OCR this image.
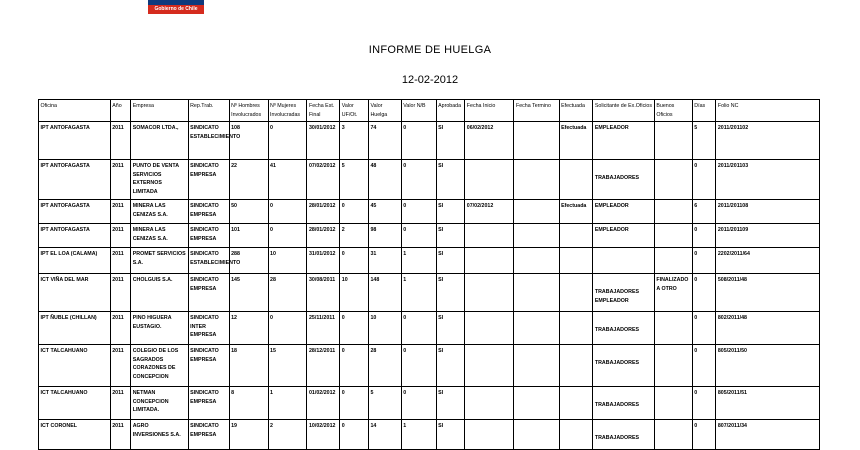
Gobierno de Chile
INFORME DE HUELGA
12-02-2012
Oficina	Año	Empresa	Rep.Trab.	Nº Hombres Involucrados	Nº Mujeres Involucradas	Fecha Est. Final	Valor UF/Ot.	Valor Huelga	Valor N/B	Aprobada	Fecha Inicio	Fecha Termino	Efectuada	Solicitante de Ex.Oficios	Buenos Oficios	Días	Folio NC
IPT ANTOFAGASTA	2011	SOMACOR LTDA.,	SINDICATO ESTABLECIMIENTO	108	0	30/01/2012	3	74	0	SI	06/02/2012		Efectuada	EMPLEADOR		5	2011/201102
IPT ANTOFAGASTA	2011	PUNTO DE VENTA SERVICIOS EXTERNOS LIMITADA	SINDICATO EMPRESA	22	41	07/02/2012	5	48	0	SI				TRABAJADORES		0	2011/201103
IPT ANTOFAGASTA	2011	MINERA LAS CENIZAS S.A.	SINDICATO EMPRESA	50	0	28/01/2012	0	45	0	SI	07/02/2012		Efectuada	EMPLEADOR		6	2011/201108
IPT ANTOFAGASTA	2011	MINERA LAS CENIZAS S.A.	SINDICATO EMPRESA	101	0	28/01/2012	2	98	0	SI				EMPLEADOR		0	2011/201109
IPT EL LOA (CALAMA)	2011	PROMET SERVICIOS S.A.	SINDICATO ESTABLECIMIENTO	288	10	31/01/2012	0	31	1	SI						0	2202/2011/64
ICT VIÑA DEL MAR	2011	CHOLGUIS S.A.	SINDICATO EMPRESA	145	28	30/08/2011	10	148	1	SI				TRABAJADORES EMPLEADOR	FINALIZADO A OTRO	0	508/2011/48
IPT ÑUBLE (CHILLAN)	2011	PINO HIGUERA EUSTAGIO.	SINDICATO INTER EMPRESA	12	0	25/11/2011	0	10	0	SI				TRABAJADORES		0	802/2011/48
ICT TALCAHUANO	2011	COLEGIO DE LOS SAGRADOS CORAZONES DE CONCEPCION	SINDICATO EMPRESA	18	15	28/12/2011	0	28	0	SI				TRABAJADORES		0	805/2011/50
ICT TALCAHUANO	2011	NETMAN CONCEPCION LIMITADA.	SINDICATO EMPRESA	8	1	01/02/2012	0	5	0	SI				TRABAJADORES		0	805/2011/51
ICT CORONEL	2011	AGRO INVERSIONES S.A.	SINDICATO EMPRESA	19	2	10/02/2012	0	14	1	SI				TRABAJADORES		0	807/2011/34
